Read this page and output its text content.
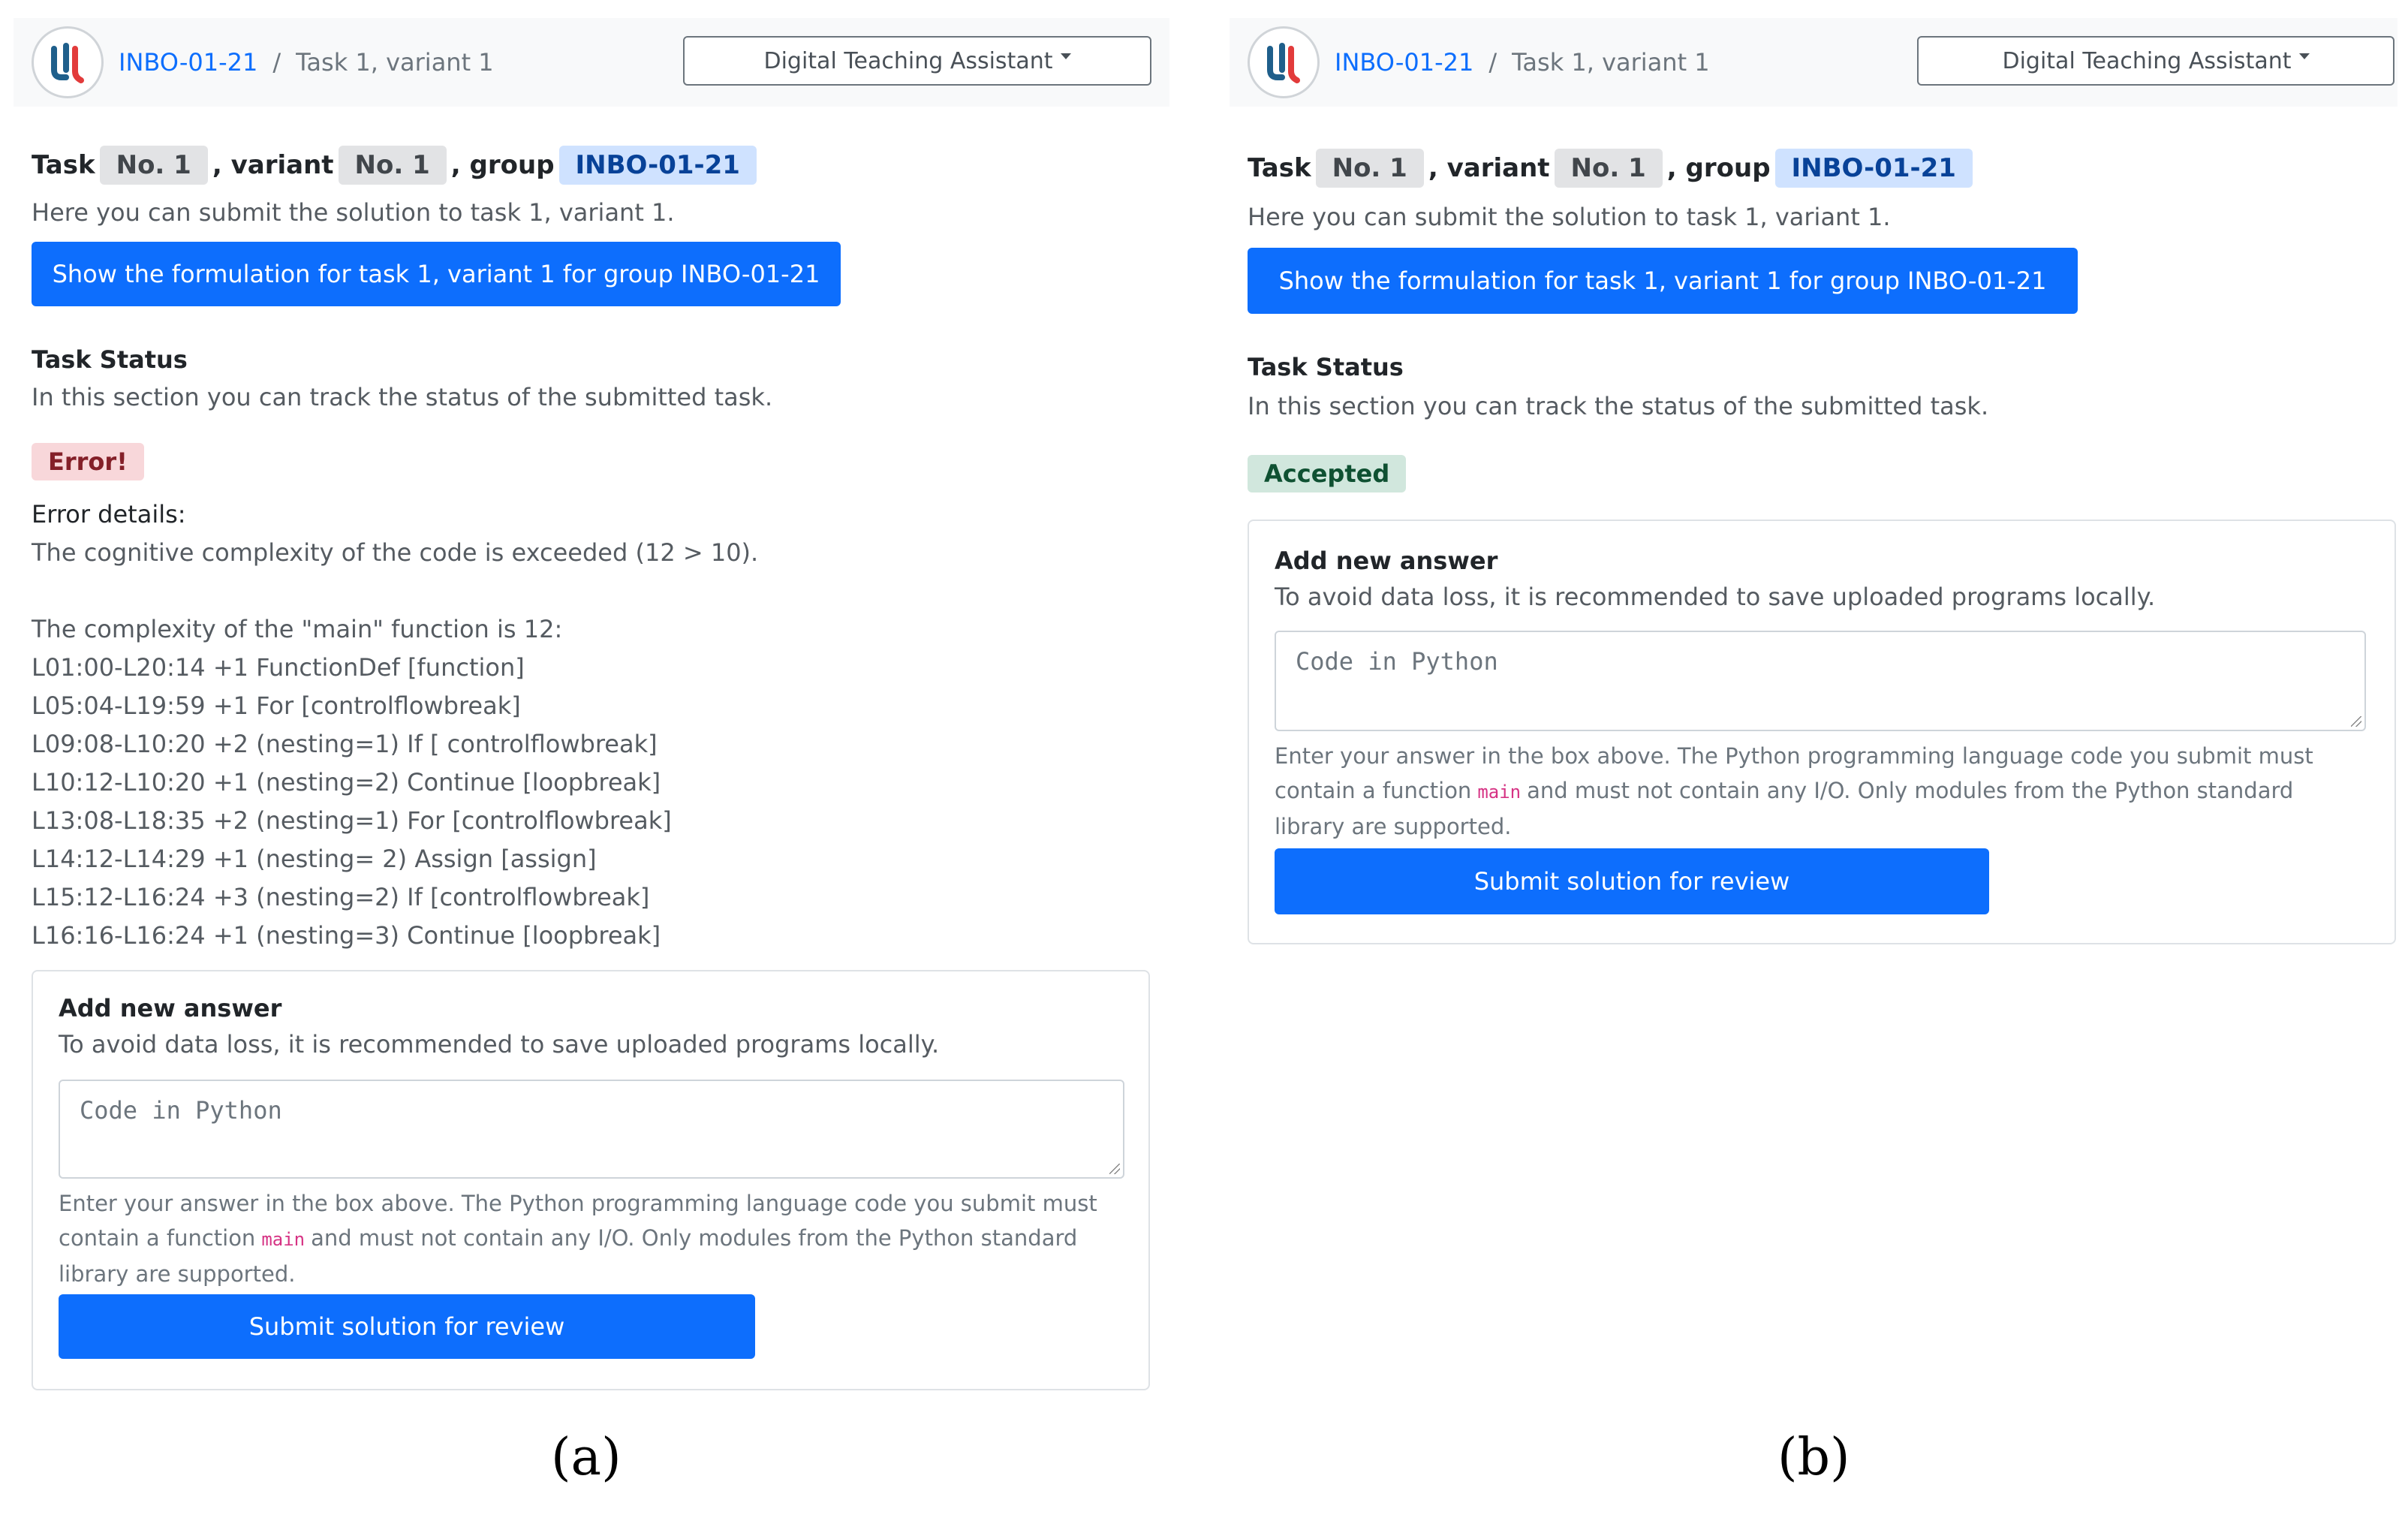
INBO-01-21 / Task 1, variant 1	Digital Teaching Assistant
Task No. 1 , variant No. 1 , group INBO-01-21
Here you can submit the solution to task 1, variant 1.
Show the formulation for task 1, variant 1 for group INBO-01-21
Task Status
In this section you can track the status of the submitted task.
Error!
Error details:
The cognitive complexity of the code is exceeded (12 > 10).
The complexity of the "main" function is 12:
L01:00-L20:14 +1 FunctionDef [function]
L05:04-L19:59 +1 For [controlflowbreak]
L09:08-L10:20 +2 (nesting=1) If [ controlflowbreak]
L10:12-L10:20 +1 (nesting=2) Continue [loopbreak]
L13:08-L18:35 +2 (nesting=1) For [controlflowbreak]
L14:12-L14:29 +1 (nesting= 2) Assign [assign]
L15:12-L16:24 +3 (nesting=2) If [controlflowbreak]
L16:16-L16:24 +1 (nesting=3) Continue [loopbreak]
Add new answer
To avoid data loss, it is recommended to save uploaded programs locally.
Code in Python
Enter your answer in the box above. The Python programming language code you submit must contain a function main and must not contain any I/O. Only modules from the Python standard library are supported.
Submit solution for review
(a)
INBO-01-21 / Task 1, variant 1	Digital Teaching Assistant
Task No. 1 , variant No. 1 , group INBO-01-21
Here you can submit the solution to task 1, variant 1.
Show the formulation for task 1, variant 1 for group INBO-01-21
Task Status
In this section you can track the status of the submitted task.
Accepted
Add new answer
To avoid data loss, it is recommended to save uploaded programs locally.
Code in Python
Enter your answer in the box above. The Python programming language code you submit must contain a function main and must not contain any I/O. Only modules from the Python standard library are supported.
Submit solution for review
(b)
